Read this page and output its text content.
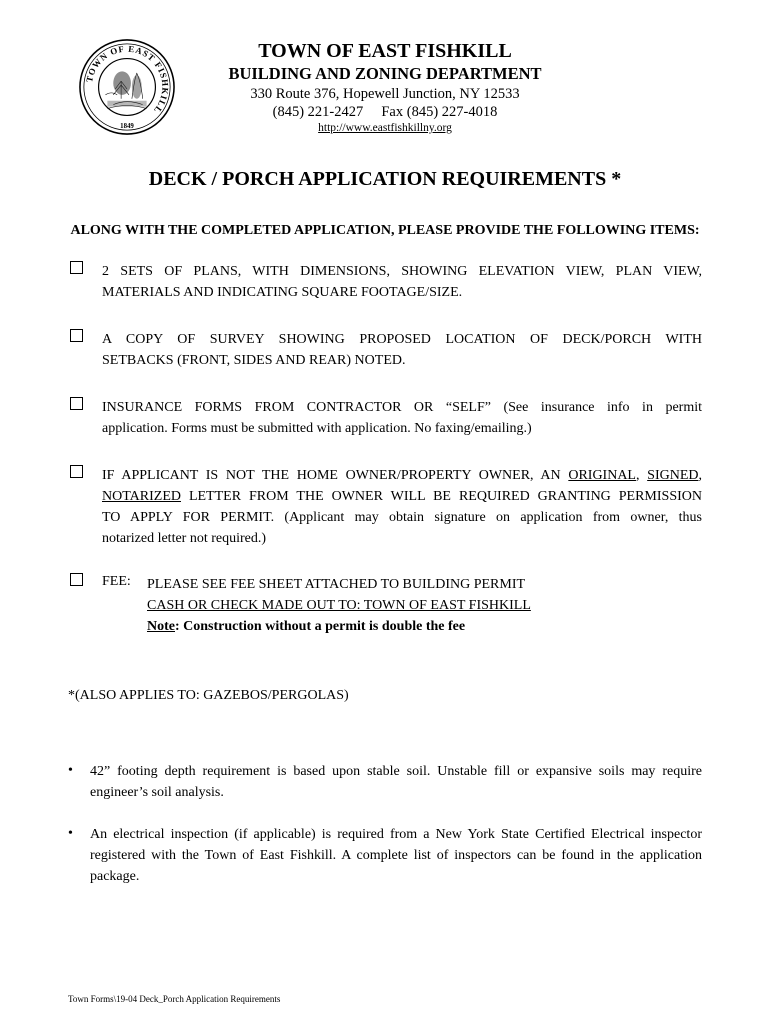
TOWN OF EAST FISHKILL
1849
TOWN OF EAST FISHKILL
BUILDING AND ZONING DEPARTMENT
330 Route 376, Hopewell Junction, NY 12533
(845) 221-2427     Fax (845) 227-4018
http://www.eastfishkillny.org
DECK / PORCH APPLICATION REQUIREMENTS *
ALONG WITH THE COMPLETED APPLICATION, PLEASE PROVIDE THE FOLLOWING ITEMS:
2 SETS OF PLANS, WITH DIMENSIONS, SHOWING ELEVATION VIEW, PLAN VIEW,
MATERIALS AND INDICATING SQUARE FOOTAGE/SIZE.
A COPY OF SURVEY SHOWING PROPOSED LOCATION OF DECK/PORCH WITH
SETBACKS (FRONT, SIDES AND REAR) NOTED.
INSURANCE FORMS FROM CONTRACTOR OR “SELF” (See insurance info in permit
application. Forms must be submitted with application. No faxing/emailing.)
IF APPLICANT IS NOT THE HOME OWNER/PROPERTY OWNER, AN ORIGINAL, SIGNED,
NOTARIZED LETTER FROM THE OWNER WILL BE REQUIRED GRANTING PERMISSION
TO APPLY FOR PERMIT. (Applicant may obtain signature on application from owner, thus
notarized letter not required.)
FEE: PLEASE SEE FEE SHEET ATTACHED TO BUILDING PERMIT
CASH OR CHECK MADE OUT TO: TOWN OF EAST FISHKILL
Note: Construction without a permit is double the fee
*(ALSO APPLIES TO: GAZEBOS/PERGOLAS)
• 42” footing depth requirement is based upon stable soil. Unstable fill or expansive soils may require
engineer’s soil analysis.
• An electrical inspection (if applicable) is required from a New York State Certified Electrical inspector
registered with the Town of East Fishkill. A complete list of inspectors can be found in the application
package.
Town Forms\19-04 Deck_Porch Application Requirements
